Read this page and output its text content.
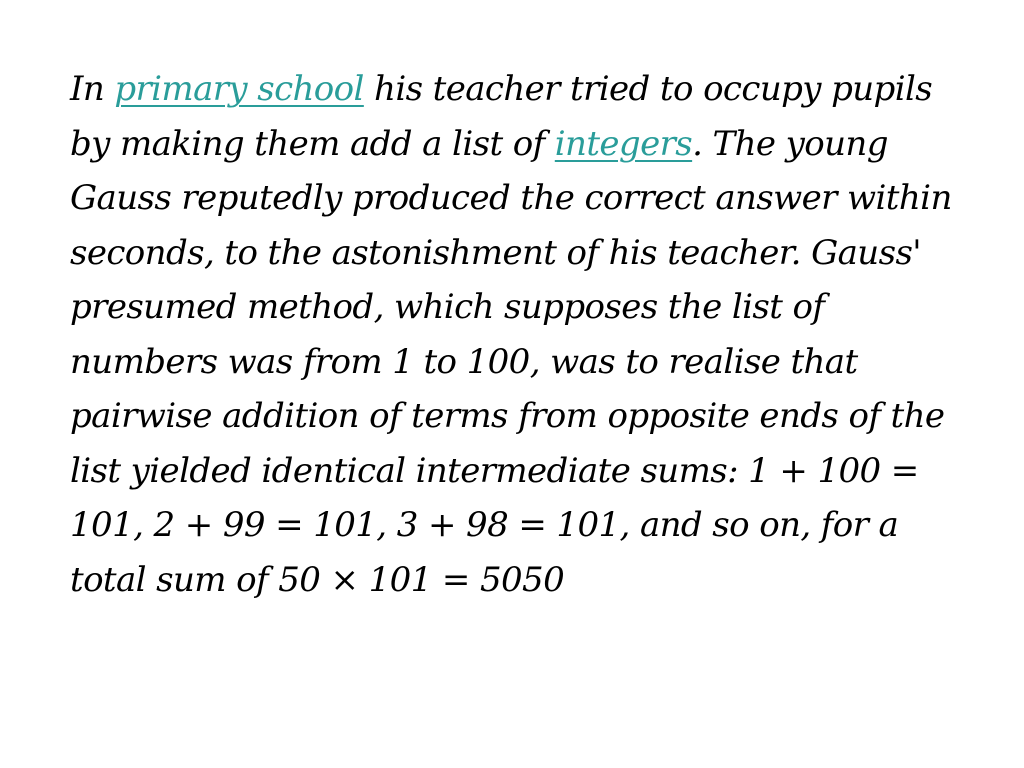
In primary school his teacher tried to occupy pupils by making them add a list of integers. The young Gauss reputedly produced the correct answer within seconds, to the astonishment of his teacher. Gauss' presumed method, which supposes the list of numbers was from 1 to 100, was to realise that pairwise addition of terms from opposite ends of the list yielded identical intermediate sums: 1 + 100 = 101, 2 + 99 = 101, 3 + 98 = 101, and so on, for a total sum of 50 × 101 = 5050
